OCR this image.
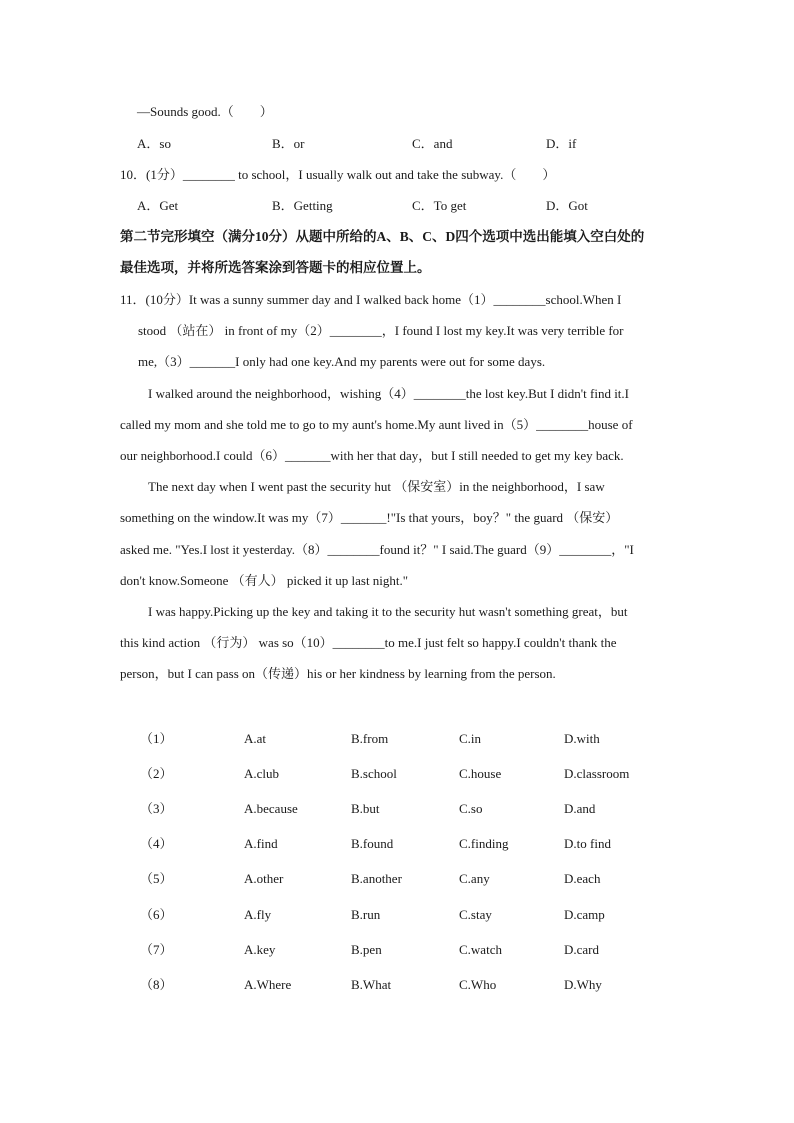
—Sounds good.（　　）
A．so	B．or	C．and	D．if
10．(1分）________ to school，I usually walk out and take the subway.（　　）
A．Get	B．Getting	C．To get	D．Got
第二节完形填空（满分10分）从题中所给的A、B、C、D四个选项中选出能填入空白处的
最佳选项，并将所选答案涂到答题卡的相应位置上。
11．(10分）It was a sunny summer day and I walked back home（1）________school.When I
stood （站在） in front of my（2）________，I found I lost my key.It was very terrible for
me,（3）_______I only had one key.And my parents were out for some days.
I walked around the neighborhood，wishing（4）________the lost key.But I didn't find it.I
called my mom and she told me to go to my aunt's home.My aunt lived in（5）________house of
our neighborhood.I could（6）_______with her that day，but I still needed to get my key back.
The next day when I went past the security hut （保安室）in the neighborhood，I saw
something on the window.It was my（7）_______!"Is that yours，boy？" the guard （保安）
asked me. "Yes.I lost it yesterday.（8）________found it？" I said.The guard（9）________，"I
don't know.Someone （有人） picked it up last night."
I was happy.Picking up the key and taking it to the security hut wasn't something great，but
this kind action （行为） was so（10）________to me.I just felt so happy.I couldn't thank the
person，but I can pass on（传递）his or her kindness by learning from the person.
（1）	A.at	B.from	C.in	D.with
（2）	A.club	B.school	C.house	D.classroom
（3）	A.because	B.but	C.so	D.and
（4）	A.find	B.found	C.finding	D.to find
（5）	A.other	B.another	C.any	D.each
（6）	A.fly	B.run	C.stay	D.camp
（7）	A.key	B.pen	C.watch	D.card
（8）	A.Where	B.What	C.Who	D.Why
